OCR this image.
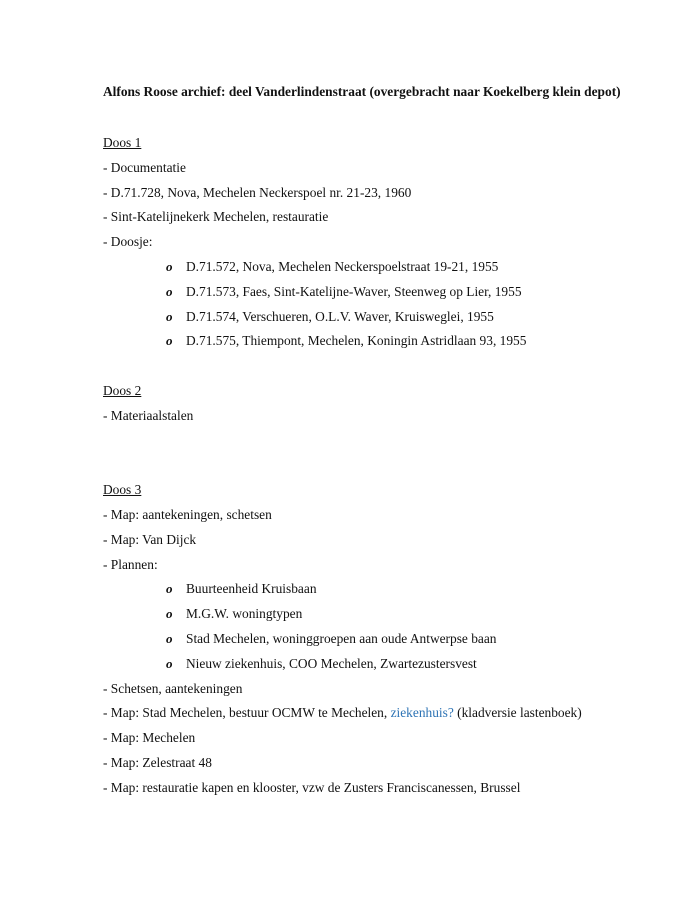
Alfons Roose archief: deel Vanderlindenstraat (overgebracht naar Koekelberg klein depot)

Doos 1
- Documentatie
- D.71.728, Nova, Mechelen Neckerspoel nr. 21-23, 1960
- Sint-Katelijnekerk Mechelen, restauratie
- Doosje:
o D.71.572, Nova, Mechelen Neckerspoelstraat 19-21, 1955
o D.71.573, Faes, Sint-Katelijne-Waver, Steenweg op Lier, 1955
o D.71.574, Verschueren, O.L.V. Waver, Kruisweglei, 1955
o D.71.575, Thiempont, Mechelen, Koningin Astridlaan 93, 1955
Doos 2
- Materiaalstalen
Doos 3
- Map: aantekeningen, schetsen
- Map: Van Dijck
- Plannen:
o Buurteenheid Kruisbaan
o M.G.W. woningtypen
o Stad Mechelen, woninggroepen aan oude Antwerpse baan
o Nieuw ziekenhuis, COO Mechelen, Zwartezustersvest
- Schetsen, aantekeningen
- Map: Stad Mechelen, bestuur OCMW te Mechelen, ziekenhuis? (kladversie lastenboek)
- Map: Mechelen
- Map: Zelestraat 48
- Map: restauratie kapen en klooster, vzw de Zusters Franciscanessen, Brussel
